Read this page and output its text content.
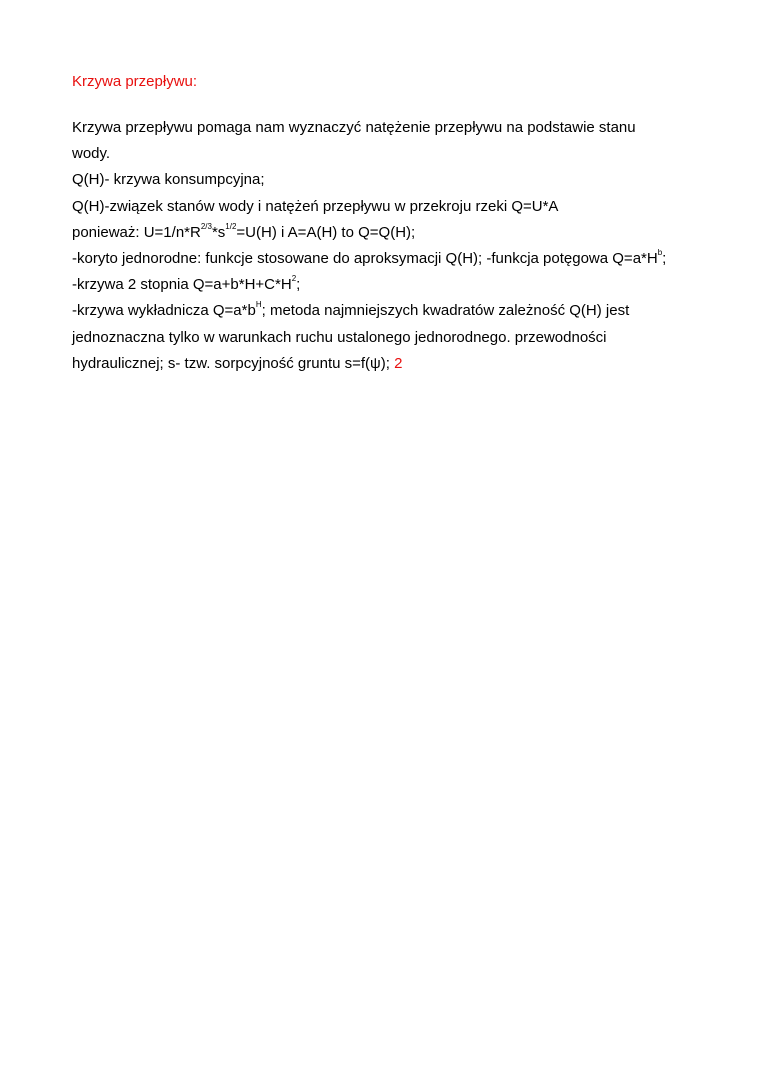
Krzywa przepływu:
Krzywa przepływu pomaga nam wyznaczyć natężenie przepływu na podstawie stanu
wody.
Q(H)- krzywa konsumpcyjna;
Q(H)-związek stanów wody i natężeń przepływu w przekroju rzeki Q=U*A
ponieważ: $U=1/n*R^{2/3}*s^{1/2}=U(H)$ i A=A(H) to Q=Q(H);
-koryto jednorodne: funkcje stosowane do aproksymacji Q(H); -funkcja potęgowa $Q=a*H^b$;
-krzywa 2 stopnia $Q=a+b*H+C*H^2$;
-krzywa wykładnicza $Q=a*b^H$; metoda najmniejszych kwadratów zależność Q(H) jest
jednoznaczna tylko w warunkach ruchu ustalonego jednorodnego. przewodności
hydraulicznej; s- tzw. sorpcyjność gruntu s=f(ψ); 2
